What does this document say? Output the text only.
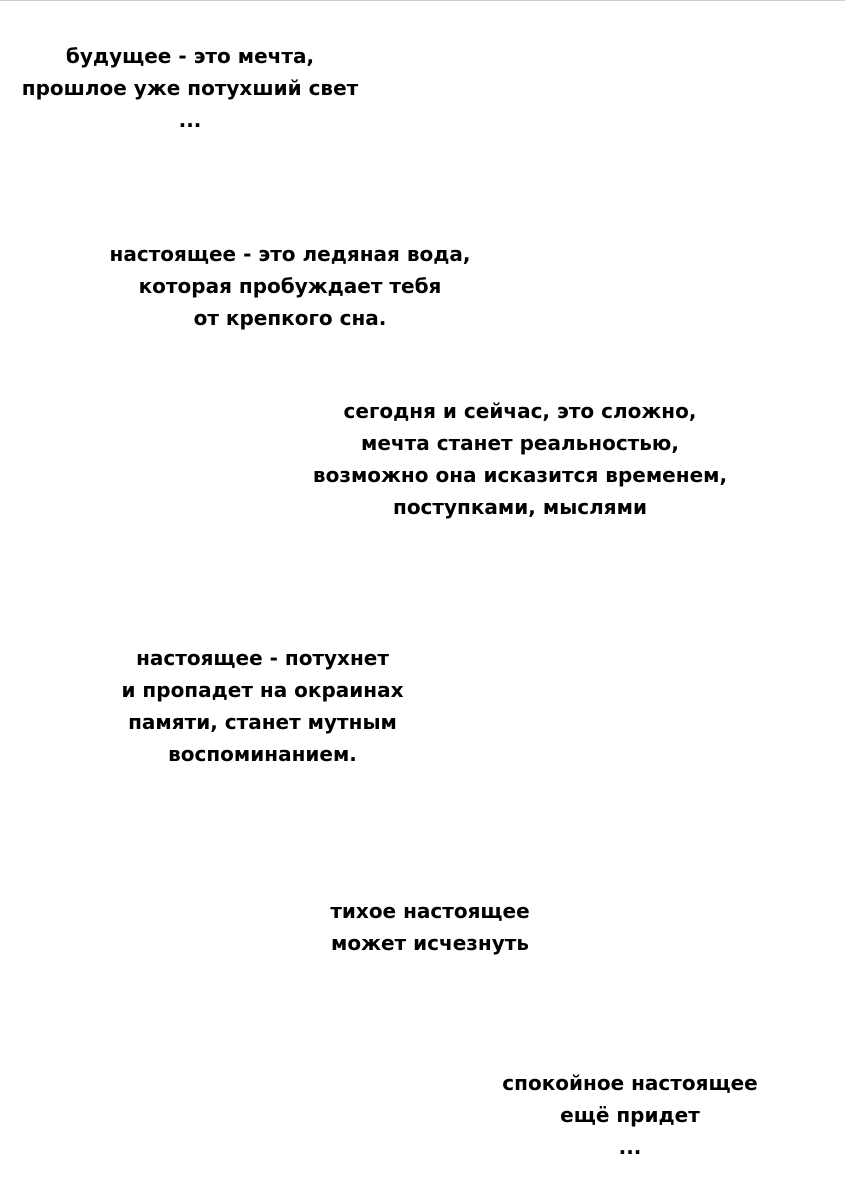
будущее - это мечта,
прошлое уже потухший свет
...
настоящее - это ледяная вода,
которая пробуждает тебя
от крепкого сна.
сегодня и сейчас, это сложно,
мечта станет реальностью,
возможно она исказится временем,
поступками, мыслями
настоящее - потухнет
и пропадет на окраинах
памяти, станет мутным
воспоминанием.
тихое настоящее
может исчезнуть
спокойное настоящее
ещё придет
...
